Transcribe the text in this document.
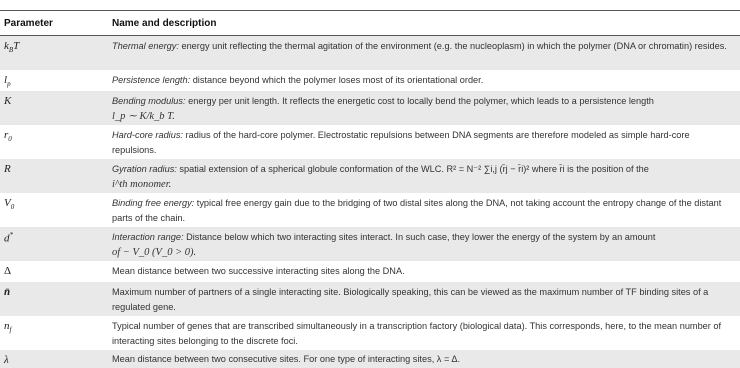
Parameter	Name and description
$k_BT$	Thermal energy: energy unit reflecting the thermal agitation of the environment (e.g. the nucleoplasm) in which the polymer (DNA or chromatin) resides.
$l_p$	Persistence length: distance beyond which the polymer loses most of its orientational order.
K	Bending modulus: energy per unit length. It reflects the energetic cost to locally bend the polymer, which leads to a persistence length
l_p ∼ K/k_b T.
$r_0$	Hard-core radius: radius of the hard-core polymer. Electrostatic repulsions between DNA segments are therefore modeled as simple hard-core repulsions.
R	Gyration radius: spatial extension of a spherical globule conformation of the WLC. R² = N⁻² ∑i,j (r̄j − r̄i)² where r̄i is the position of the
i^th monomer.
$V_0$	Binding free energy: typical free energy gain due to the bridging of two distal sites along the DNA, not taking account the entropy change of the distant parts of the chain.
d*	Interaction range: Distance below which two interacting sites interact. In such case, they lower the energy of the system by an amount
of − V_0 (V_0 > 0).
Δ	Mean distance between two successive interacting sites along the DNA.
n̄	Maximum number of partners of a single interacting site. Biologically speaking, this can be viewed as the maximum number of TF binding sites of a regulated gene.
$n_f$	Typical number of genes that are transcribed simultaneously in a transcription factory (biological data). This corresponds, here, to the mean number of interacting sites belonging to the discrete foci.
λ	Mean distance between two consecutive sites. For one type of interacting sites, λ = Δ.
